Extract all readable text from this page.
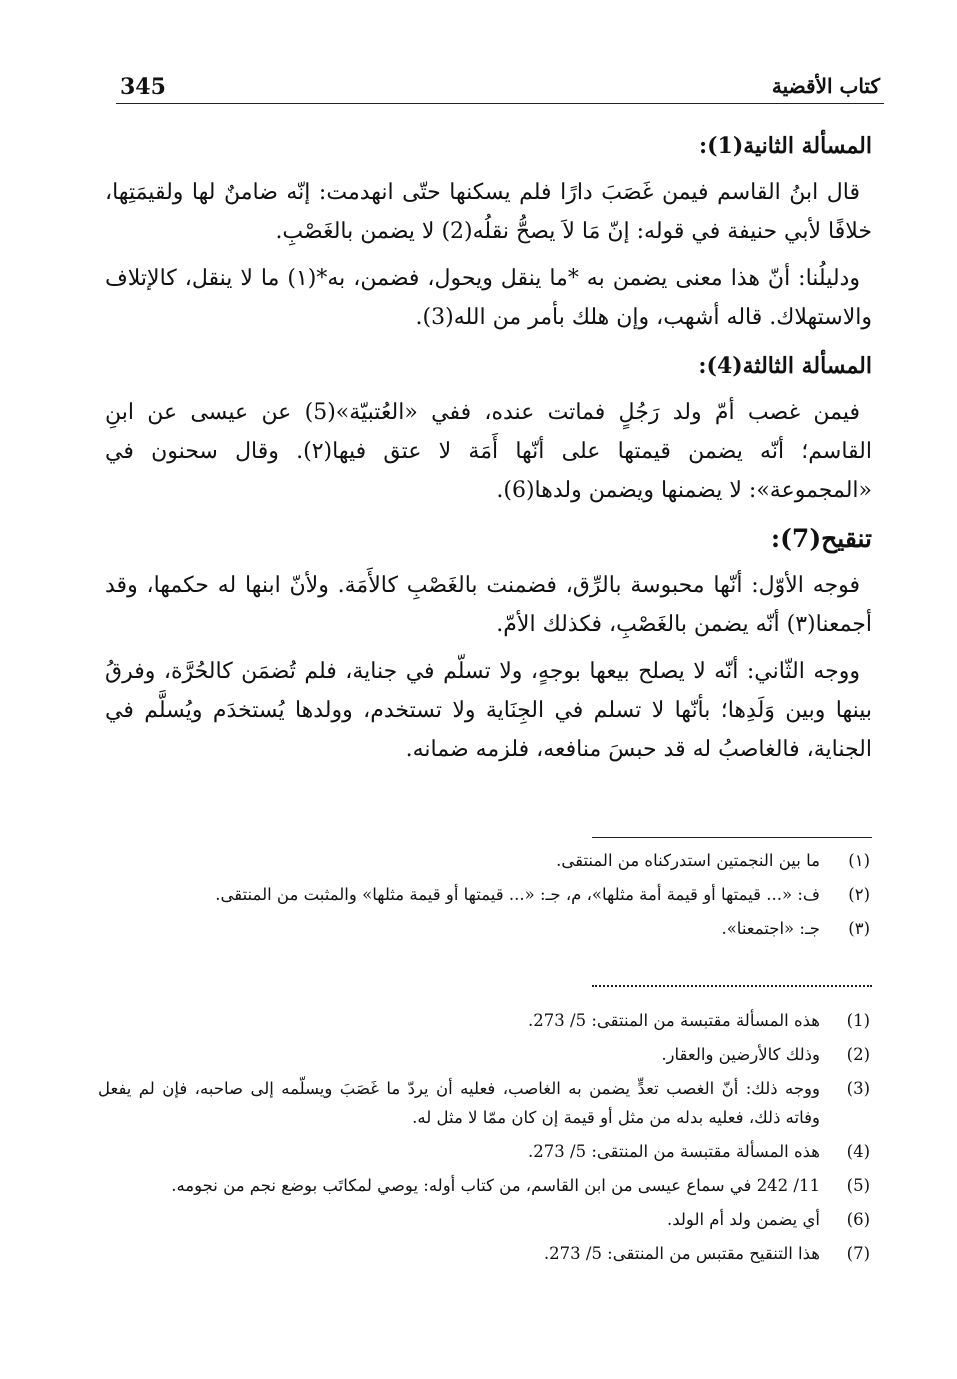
345	كتاب الأقضية

المسألة الثانية(1):

قال ابنُ القاسم فيمن غَصَبَ دارًا فلم يسكنها حتّى انهدمت: إنّه ضامنٌ لها ولقيمَتِها، خلافًا لأبي حنيفة في قوله: إنّ مَا لاَ يصحُّ نقلُه(2) لا يضمن بالغَصْبِ.

ودليلُنا: أنّ هذا معنى يضمن به *ما ينقل ويحول، فضمن، به*(١) ما لا ينقل، كالإتلاف والاستهلاك. قاله أشهب، وإن هلك بأمر من الله(3).

المسألة الثالثة(4):

فيمن غصب أمّ ولد رَجُلٍ فماتت عنده، ففي «العُتبيّة»(5) عن عيسى عن ابنِ القاسم؛ أنّه يضمن قيمتها على أنّها أَمَة لا عتق فيها(٢). وقال سحنون في «المجموعة»: لا يضمنها ويضمن ولدها(6).

تنقيح(7):

فوجه الأوّل: أنّها محبوسة بالرِّق، فضمنت بالغَصْبِ كالأَمَة. ولأنّ ابنها له حكمها، وقد أجمعنا(٣) أنّه يضمن بالغَصْبِ، فكذلك الأمّ.

ووجه الثّاني: أنّه لا يصلح بيعها بوجهٍ، ولا تسلّم في جناية، فلم تُضمَن كالحُرَّة، وفرقُ بينها وبين وَلَدِها؛ بأنّها لا تسلم في الجِنَاية ولا تستخدم، وولدها يُستخدَم ويُسلَّم في الجناية، فالغاصبُ له قد حبسَ منافعه، فلزمه ضمانه.

(١)
ما بين النجمتين استدركناه من المنتقى.
(٢)
ف: «... قيمتها أو قيمة أمة مثلها»، م، جـ: «... قيمتها أو قيمة مثلها» والمثبت من المنتقى.
(٣)
جـ: «اجتمعنا».
(1)
هذه المسألة مقتبسة من المنتقى: 5/ 273.
(2)
وذلك كالأرضين والعقار.
(3)
ووجه ذلك: أنّ الغصب تعدٍّ يضمن به الغاصب، فعليه أن يردّ ما غَصَبَ ويسلّمه إلى صاحبه، فإن لم يفعل وفاته ذلك، فعليه بدله من مثل أو قيمة إن كان ممّا لا مثل له.
(4)
هذه المسألة مقتبسة من المنتقى: 5/ 273.
(5)
11/ 242 في سماع عيسى من ابن القاسم، من كتاب أوله: يوصي لمكاتَب بوضع نجم من نجومه.
(6)
أي يضمن ولد أم الولد.
(7)
هذا التنقيح مقتبس من المنتقى: 5/ 273.
